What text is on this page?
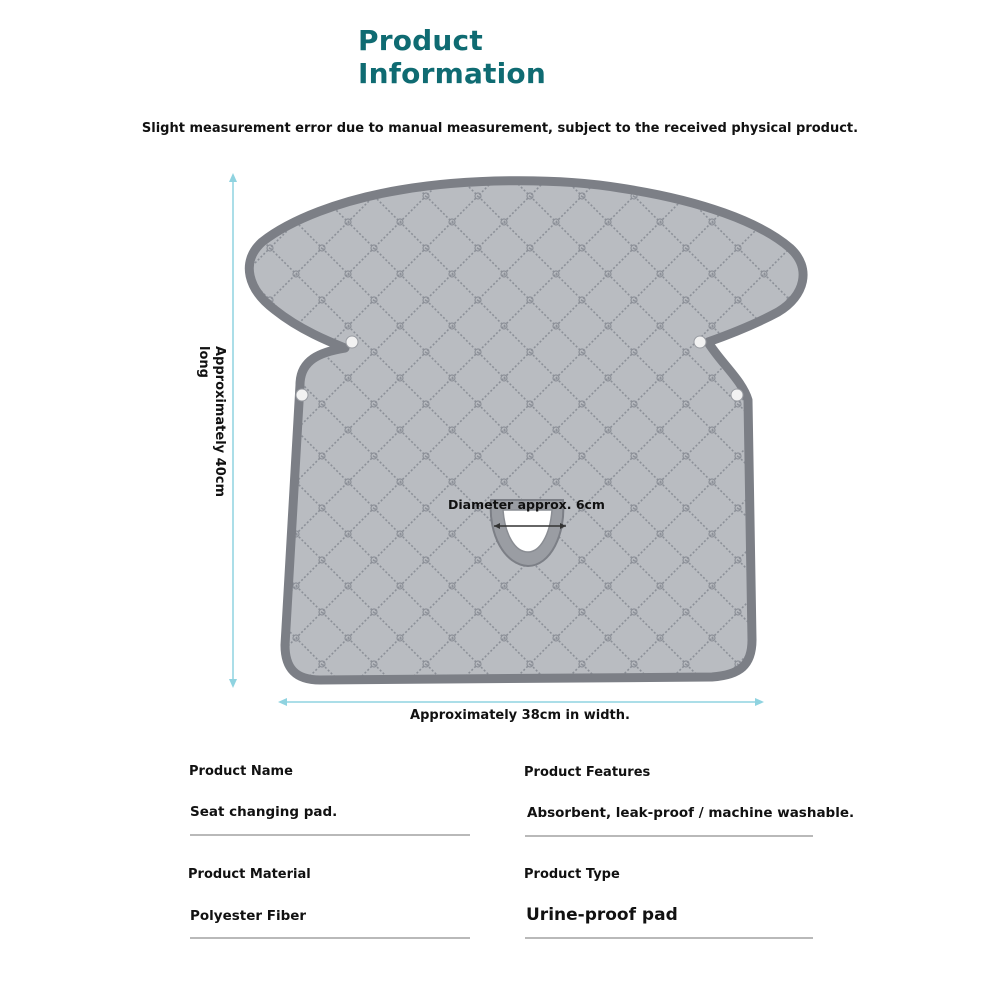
Product
Information
Slight measurement error due to manual measurement, subject to the received physical product.
Diameter approx. 6cm
Approximately 38cm in width.
Approximately 40cm long
Product Name
Seat changing pad.
Product Features
Absorbent, leak-proof / machine washable.
Product Material
Polyester Fiber
Product Type
Urine-proof pad
